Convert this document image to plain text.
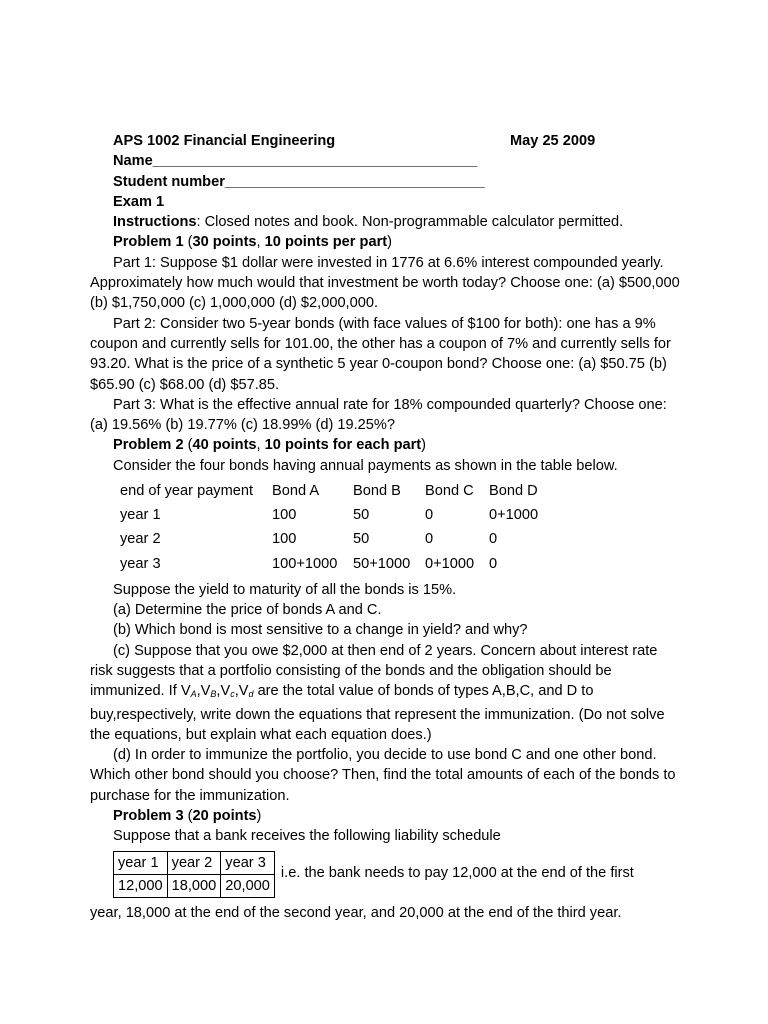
APS 1002 Financial Engineering	May 25 2009
Name________________________________________
Student number________________________________
Exam 1
Instructions: Closed notes and book. Non-programmable calculator permitted.
Problem 1 (30 points, 10 points per part)
Part 1: Suppose $1 dollar were invested in 1776 at 6.6% interest compounded yearly. Approximately how much would that investment be worth today? Choose one: (a) $500,000 (b) $1,750,000 (c) 1,000,000 (d) $2,000,000.
Part 2: Consider two 5-year bonds (with face values of $100 for both): one has a 9% coupon and currently sells for 101.00, the other has a coupon of 7% and currently sells for 93.20. What is the price of a synthetic 5 year 0-coupon bond? Choose one: (a) $50.75 (b) $65.90 (c) $68.00 (d) $57.85.
Part 3: What is the effective annual rate for 18% compounded quarterly? Choose one: (a) 19.56% (b) 19.77% (c) 18.99% (d) 19.25%?
Problem 2 (40 points, 10 points for each part)
Consider the four bonds having annual payments as shown in the table below.
end of year payment	Bond A	Bond B	Bond C	Bond D
year 1	100	50	0	0+1000
year 2	100	50	0	0
year 3	100+1000	50+1000	0+1000	0
Suppose the yield to maturity of all the bonds is 15%.
(a) Determine the price of bonds A and C.
(b) Which bond is most sensitive to a change in yield? and why?
(c) Suppose that you owe $2,000 at then end of 2 years. Concern about interest rate risk suggests that a portfolio consisting of the bonds and the obligation should be immunized. If $V_A,V_B,V_c,V_d$ are the total value of bonds of types A,B,C, and D to buy,respectively, write down the equations that represent the immunization. (Do not solve the equations, but explain what each equation does.)
(d) In order to immunize the portfolio, you decide to use bond C and one other bond. Which other bond should you choose? Then, find the total amounts of each of the bonds to purchase for the immunization.
Problem 3 (20 points)
Suppose that a bank receives the following liability schedule
year 1	year 2	year 3
12,000	18,000	20,000
i.e. the bank needs to pay 12,000 at the end of the first
year, 18,000 at the end of the second year, and 20,000 at the end of the third year.
